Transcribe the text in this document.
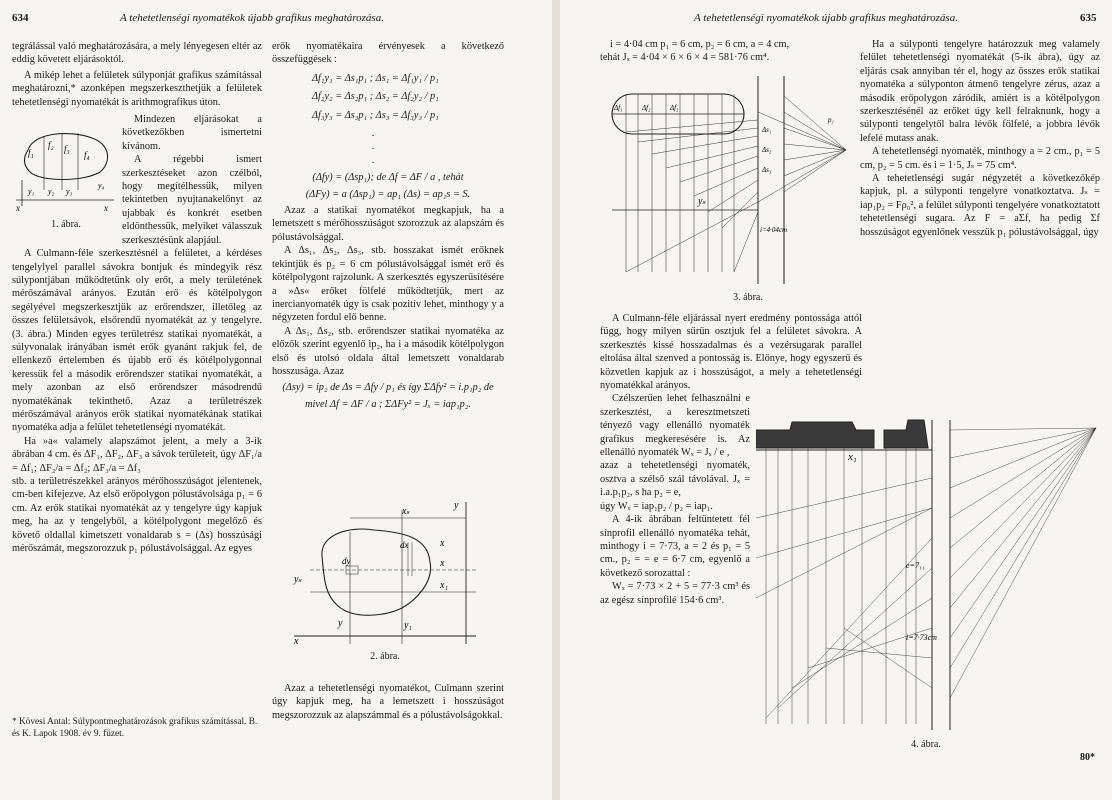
634	A tehetetlenségi nyomatékok újabb grafikus meghatározása.

tegrálással való meghatározására, a mely lényegesen eltér az eddig követett eljárásoktól.

A mikép lehet a felületek súlyponját grafikus számítással meghatározni,* azonképen megszerkeszthetjük a felületek tehetetlenségi nyomatékát is arithmografikus úton.

Mindezen eljárásokat a következőkben ismertetni kívánom.

A régebbi ismert szerkesztéseket azon czélból, hogy megítélhessük, milyen tekintetben nyujtanakelőnyt az ujabbak és konkrét esetben eldönthessük, melyiket válasszuk szerkesztésünk alapjául.

A Culmann-féle szerkesztésnél a felületet, a kérdéses tengelylyel parallel sávokra bontjuk és mindegyik rész súlypontjában működtetünk oly erőt, a mely területének mérőszámával arányos. Ezután erő és kötélpolygon segélyével megszerkesztjük az erőrendszer, illetőleg az összes felületsávok, elsőrendű nyomatékát az y tengelyre. (3. ábra.) Minden egyes területrész statikai nyomatékát, a súlyvonalak irányában ismét erők gyanánt rakjuk fel, de ellenkező értelemben és újabb erő és kötélpolygonnal keressük fel a második erőrendszer statikai nyomatékát, a mely azonban az első erőrendszer másodrendű nyomatékának tekinthető. Azaz a területrészek mérőszámával arányos erők statikai nyomatékának statikai nyomatéka adja a felület tehetetlenségi nyomatékát.

Ha »a« valamely alapszámot jelent, a mely a 3-ik ábrában 4 cm. és ΔF₁, ΔF₂, ΔF₃ a sávok területeit, úgy ΔF₁/a = Δf₁; ΔF₂/a = Δf₂; ΔF₃/a = Δf₃

stb. a területrészekkel arányos mérőhosszúságot jelentenek, cm-ben kifejezve. Az első erőpolygon pólustávolsága p₁ = 6 cm. Az erők statikai nyomatékát az y tengelyre úgy kapjuk meg, ha az y tengelyből, a kötélpolygont megelőző és követő oldallal kimetszett vonaldarab s = (Δs) hosszúsági mérőszámát, megszorozzuk p₁ pólustávolsággal. Az egyes

f₁
f₂ f₃
f₄
y₁ y₂ y₃
y₄
x	x
1. ábra.

erők nyomatékaira érvényesek a következő összefüggések :

Δf₁y₁ = Δs₁p₁ ; Δs₁ = Δf₁y₁ / p₁
Δf₂y₂ = Δs₂p₁ ; Δs₂ = Δf₂y₂ / p₁
Δf₃y₃ = Δs₃p₁ ; Δs₃ = Δf₃y₃ / p₁
.
.
.
(Δfy) = (Δsp₁); de Δf = ΔF / a , tehát
(ΔFy) = a (Δsp₁) = ap₁ (Δs) = ap₁s = S.

Azaz a statikai nyomatékot megkapjuk, ha a lemetszett s mérőhosszúságot szorozzuk az alapszám és pólustávolsággal.

A Δs₁, Δs₂, Δs₃, stb. hosszakat ismét erőknek tekintjük és p₂ = 6 cm pólustávolsággal ismét erő és kötélpolygont rajzolunk. A szerkesztés egyszerűsítésére a »Δs« erőket fölfelé működtetjük, mert az inercianyomaték úgy is csak pozitív lehet, minthogy y a négyzeten fordul elő benne.

A Δs₁, Δs₂, stb. erőrendszer statikai nyomatéka az előzők szerint egyenlő ip₂, ha i a második kötélpolygon első és utolsó oldala által lemetszett vonaldarab hosszusága. Azaz

(Δsy) = ip₂ de Δs = Δfy / p₁ és így ΣΔfy² = i.p₁p₂ de
mivel Δf = ΔF / a ; ΣΔFy² = Jₓ = iap₁p₂.
y
xₛ
x
dx
dy	x
x₁
yₛ
y	y₁
x
2. ábra.

Azaz a tehetetlenségi nyomatékot, Culmann szerint úgy kapjuk meg, ha a lemetszett i hosszúságot megszorozzuk az alapszámmal és a pólustávolságokkal.

* Kövesi Antal: Súlypontmeghatározások grafikus számítással. B. és K. Lapok 1908. év 9. füzet.
A tehetetlenségi nyomatékok újabb grafikus meghatározása.	635

i = 4·04 cm p₁ = 6 cm, p₂ = 6 cm, a = 4 cm,

tehát Jₓ = 4·04 × 6 × 6 × 4 = 581·76 cm⁴.

Δf₁	Δf₂	Δf₃
p₁
yₛ
i=4·04cm
Δs₁
Δs₂
Δs₃
3. ábra.

A Culmann-féle eljárással nyert eredmény pontossága attól függ, hogy milyen sűrűn osztjuk fel a felületet sávokra. A szerkesztés kissé hosszadalmas és a vezérsugarak parallel eltolása által szenved a pontosság is. Előnye, hogy egyszerű és közvetlen kapjuk az i hosszúságot, a mely a tehetetlenségi nyomatékkal arányos.

Czélszerűen lehet felhasználni e szerkesztést, a keresztmetszeti tényező vagy ellenálló nyomaték grafikus megkeresésére is. Az ellenálló nyomaték Wₓ = Jₓ / e ,

azaz a tehetetlenségi nyomaték, osztva a szélső szál távolával. Jₓ = i.a.p₁p₂, s ha p₂ = e,

úgy Wₓ = iap₁p₂ / p₂ = iap₁.

A 4-ik ábrában feltüntetett fél sínprofil ellenálló nyomatéka tehát, minthogy i = 7·73, a = 2 és p₁ = 5 cm., p₂ = = e = 6·7 cm, egyenlő a következő sorozattal :

Wₓ = 7·73 × 2 + 5 = 77·3 cm³ és az egész sínprofilé 154·6 cm³.

Ha a súlyponti tengelyre határozzuk meg valamely felület tehetetlenségi nyomatékát (5-ik ábra), úgy az eljárás csak annyiban tér el, hogy az összes erők statikai nyomatéka a súlyponton átmenő tengelyre zérus, azaz a második erőpolygon záródik, amiért is a kötélpolygon szerkesztésénél az erőket úgy kell felraknunk, hogy a súlyponti tengelytől balra lévők fölfelé, a jobbra lévők lefelé mutass anak.

A tehetetlenségi nyomaték, minthogy a = 2 cm., p₁ = 5 cm, p₂ = 5 cm. és i = 1·5, Jₛ = 75 cm⁴.

A tehetetlenségi sugár négyzetét a következőkép kapjuk, pl. a súlyponti tengelyre vonatkoztatva. Jₛ = iap₁p₂ = Fρ₀², a felület súlyponti tengelyére vonatkoztatott tehetetlenségi sugara. Az F = aΣf, ha pedig Σf hosszúságot egyenlőnek vesszük p₁ pólustávolsággal, úgy

x₁
e=7₁₁
i=7·73cm
4. ábra.
80*
